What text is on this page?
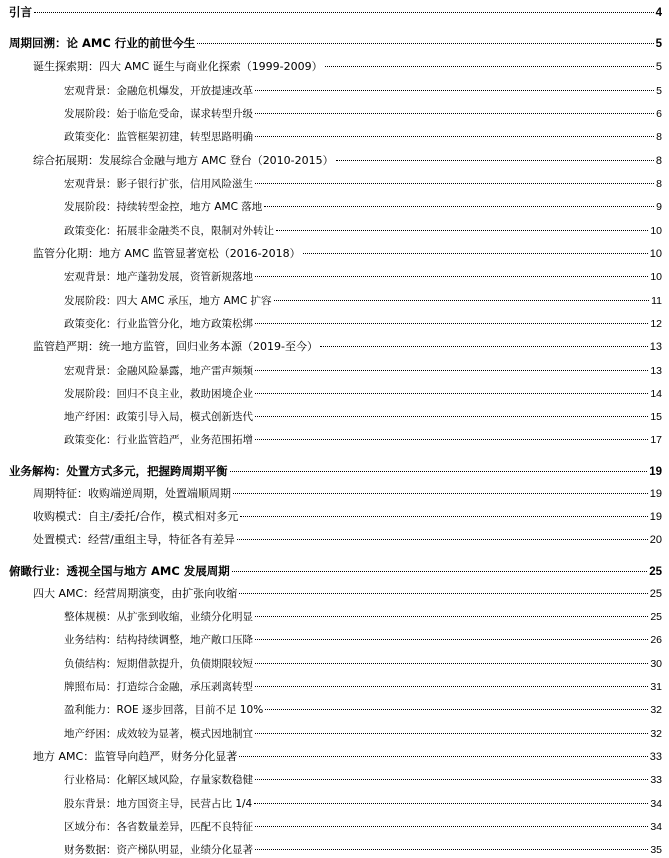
引言	4
周期回溯：论 AMC 行业的前世今生	5
诞生探索期：四大 AMC 诞生与商业化探索（1999-2009）	5
宏观背景：金融危机爆发，开放提速改革	5
发展阶段：始于临危受命，谋求转型升级	6
政策变化：监管框架初建，转型思路明确	8
综合拓展期：发展综合金融与地方 AMC 登台（2010-2015）	8
宏观背景：影子银行扩张，信用风险滋生	8
发展阶段：持续转型金控，地方 AMC 落地	9
政策变化：拓展非金融类不良，限制对外转让	10
监管分化期：地方 AMC 监管显著宽松（2016-2018）	10
宏观背景：地产蓬勃发展，资管新规落地	10
发展阶段：四大 AMC 承压，地方 AMC 扩容	11
政策变化：行业监管分化，地方政策松绑	12
监管趋严期：统一地方监管，回归业务本源（2019-至今）	13
宏观背景：金融风险暴露，地产雷声频频	13
发展阶段：回归不良主业，救助困境企业	14
地产纾困：政策引导入局，模式创新迭代	15
政策变化：行业监管趋严，业务范围拓增	17
业务解构：处置方式多元，把握跨周期平衡	19
周期特征：收购端逆周期，处置端顺周期	19
收购模式：自主/委托/合作，模式相对多元	19
处置模式：经营/重组主导，特征各有差异	20
俯瞰行业：透视全国与地方 AMC 发展周期	25
四大 AMC：经营周期演变，由扩张向收缩	25
整体规模：从扩张到收缩，业绩分化明显	25
业务结构：结构持续调整，地产敞口压降	26
负债结构：短期借款提升，负债期限较短	30
牌照布局：打造综合金融，承压剥离转型	31
盈利能力：ROE 逐步回落，目前不足 10%	32
地产纾困：成效较为显著，模式因地制宜	32
地方 AMC：监管导向趋严，财务分化显著	33
行业格局：化解区域风险，存量家数稳健	33
股东背景：地方国资主导，民营占比 1/4	34
区域分布：各省数量差异，匹配不良特征	34
财务数据：资产梯队明显，业绩分化显著	35
